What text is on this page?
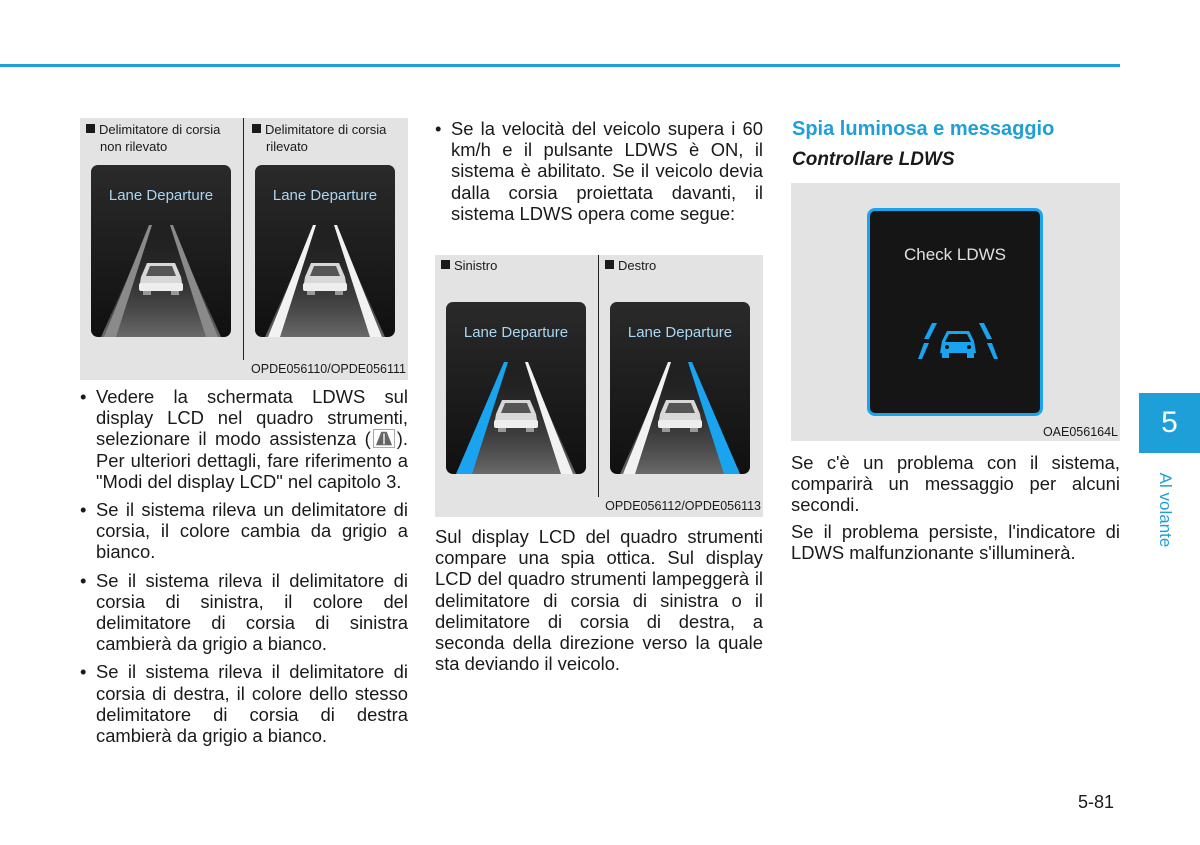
Delimitatore di corsia
non rilevato
Delimitatore di corsia
rilevato
Lane Departure	Lane Departure
OPDE056110/OPDE056111
• Vedere la schermata LDWS sul display LCD nel quadro strumenti, selezionare il modo assistenza ( ). Per ulteriori dettagli, fare riferimento a "Modi del display LCD" nel capitolo 3.
• Se il sistema rileva un delimitatore di corsia, il colore cambia da grigio a bianco.
• Se il sistema rileva il delimitatore di corsia di sinistra, il colore del delimitatore di corsia di sinistra cambierà da grigio a bianco.
• Se il sistema rileva il delimitatore di corsia di destra, il colore dello stesso delimitatore di corsia di destra cambierà da grigio a bianco.
• Se la velocità del veicolo supera i 60 km/h e il pulsante LDWS è ON, il sistema è abilitato. Se il veicolo devia dalla corsia proiettata davanti, il sistema LDWS opera come segue:
Sinistro	Destro
Lane Departure	Lane Departure
OPDE056112/OPDE056113
Sul display LCD del quadro strumenti compare una spia ottica. Sul display LCD del quadro strumenti lampeggerà il delimitatore di corsia di sinistra o il delimitatore di corsia di destra, a seconda della direzione verso la quale sta deviando il veicolo.
Spia luminosa e messaggio
Controllare LDWS
Check LDWS
OAE056164L
Se c'è un problema con il sistema, comparirà un messaggio per alcuni secondi.
Se il problema persiste, l'indicatore di LDWS malfunzionante s'illuminerà.
5
Al volante
5-81
